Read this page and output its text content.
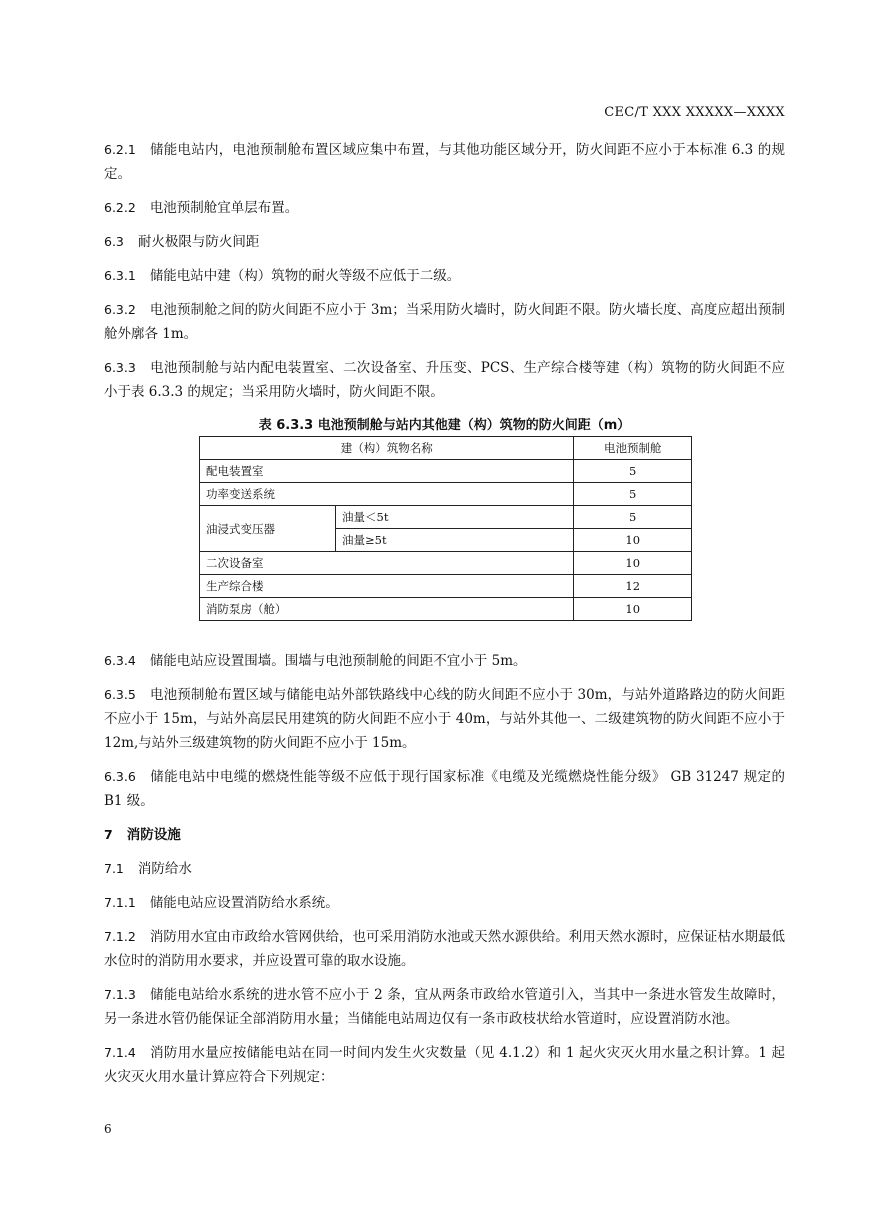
CEC/T XXX XXXXX—XXXX
6.2.1 储能电站内，电池预制舱布置区域应集中布置，与其他功能区域分开，防火间距不应小于本标准 6.3 的规定。
6.2.2 电池预制舱宜单层布置。
6.3 耐火极限与防火间距
6.3.1 储能电站中建（构）筑物的耐火等级不应低于二级。
6.3.2 电池预制舱之间的防火间距不应小于 3m；当采用防火墙时，防火间距不限。防火墙长度、高度应超出预制舱外廓各 1m。
6.3.3 电池预制舱与站内配电装置室、二次设备室、升压变、PCS、生产综合楼等建（构）筑物的防火间距不应小于表 6.3.3 的规定；当采用防火墙时，防火间距不限。
表 6.3.3 电池预制舱与站内其他建（构）筑物的防火间距（m）
建（构）筑物名称		电池预制舱
配电装置室		5
功率变送系统		5
油浸式变压器	油量＜5t	5
	油量≥5t	10
二次设备室		10
生产综合楼		12
消防泵房（舱）		10
6.3.4 储能电站应设置围墙。围墙与电池预制舱的间距不宜小于 5m。
6.3.5 电池预制舱布置区域与储能电站外部铁路线中心线的防火间距不应小于 30m，与站外道路路边的防火间距不应小于 15m，与站外高层民用建筑的防火间距不应小于 40m，与站外其他一、二级建筑物的防火间距不应小于 12m,与站外三级建筑物的防火间距不应小于 15m。
6.3.6 储能电站中电缆的燃烧性能等级不应低于现行国家标准《电缆及光缆燃烧性能分级》 GB 31247 规定的 B1 级。
7 消防设施
7.1 消防给水
7.1.1 储能电站应设置消防给水系统。
7.1.2 消防用水宜由市政给水管网供给，也可采用消防水池或天然水源供给。利用天然水源时，应保证枯水期最低水位时的消防用水要求，并应设置可靠的取水设施。
7.1.3 储能电站给水系统的进水管不应小于 2 条，宜从两条市政给水管道引入，当其中一条进水管发生故障时，另一条进水管仍能保证全部消防用水量；当储能电站周边仅有一条市政枝状给水管道时，应设置消防水池。
7.1.4 消防用水量应按储能电站在同一时间内发生火灾数量（见 4.1.2）和 1 起火灾灭火用水量之积计算。1 起火灾灭火用水量计算应符合下列规定：
6
